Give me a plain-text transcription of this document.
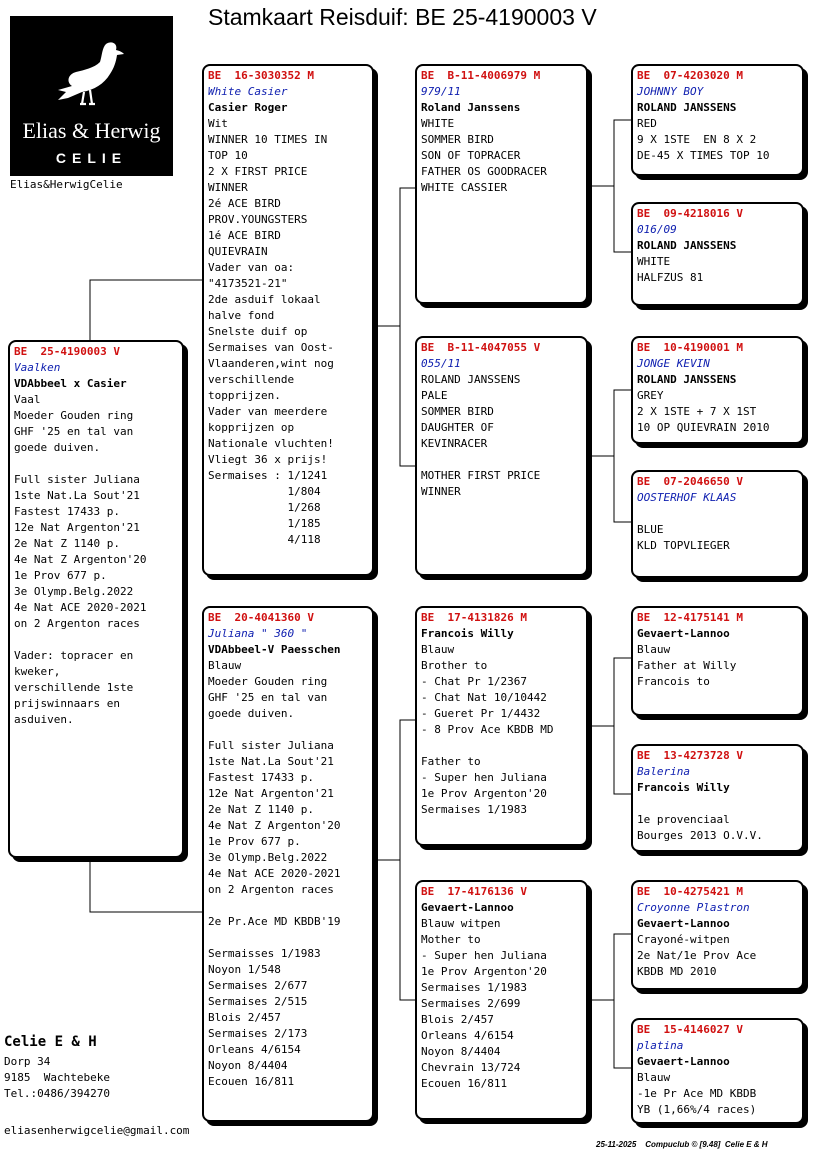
Stamkaart Reisduif: BE 25-4190003 V
Elias & Herwig
CELIE
Elias&HerwigCelie
BE  25-4190003 V
Vaalken
VDAbbeel x Casier
Vaal
Moeder Gouden ring
GHF '25 en tal van
goede duiven.

Full sister Juliana
1ste Nat.La Sout'21
Fastest 17433 p.
12e Nat Argenton'21
2e Nat Z 1140 p.
4e Nat Z Argenton'20
1e Prov 677 p.
3e Olymp.Belg.2022
4e Nat ACE 2020-2021
on 2 Argenton races

Vader: topracer en
kweker,
verschillende 1ste
prijswinnaars en
asduiven.
BE  16-3030352 M
White Casier
Casier Roger
Wit
WINNER 10 TIMES IN
TOP 10
2 X FIRST PRICE
WINNER
2é ACE BIRD
PROV.YOUNGSTERS
1é ACE BIRD
QUIEVRAIN
Vader van oa:
"4173521-21"
2de asduif lokaal
halve fond
Snelste duif op
Sermaises van Oost-
Vlaanderen,wint nog
verschillende
topprijzen.
Vader van meerdere
kopprijzen op
Nationale vluchten!
Vliegt 36 x prijs!
Sermaises : 1/1241
1/804
1/268
1/185
4/118
BE  20-4041360 V
Juliana " 360 "
VDAbbeel-V Paesschen
Blauw
Moeder Gouden ring
GHF '25 en tal van
goede duiven.

Full sister Juliana
1ste Nat.La Sout'21
Fastest 17433 p.
12e Nat Argenton'21
2e Nat Z 1140 p.
4e Nat Z Argenton'20
1e Prov 677 p.
3e Olymp.Belg.2022
4e Nat ACE 2020-2021
on 2 Argenton races

2e Pr.Ace MD KBDB'19

Sermaisses 1/1983
Noyon 1/548
Sermaises 2/677
Sermaises 2/515
Blois 2/457
Sermaises 2/173
Orleans 4/6154
Noyon 8/4404
Ecouen 16/811
BE  B-11-4006979 M
979/11
Roland Janssens
WHITE
SOMMER BIRD
SON OF TOPRACER
FATHER OS GOODRACER
WHITE CASSIER
BE  B-11-4047055 V
055/11
ROLAND JANSSENS
PALE
SOMMER BIRD
DAUGHTER OF
KEVINRACER

MOTHER FIRST PRICE
WINNER
BE  17-4131826 M
Francois Willy
Blauw
Brother to
- Chat Pr 1/2367
- Chat Nat 10/10442
- Gueret Pr 1/4432
- 8 Prov Ace KBDB MD

Father to
- Super hen Juliana
1e Prov Argenton'20
Sermaises 1/1983
BE  17-4176136 V
Gevaert-Lannoo
Blauw witpen
Mother to
- Super hen Juliana
1e Prov Argenton'20
Sermaises 1/1983
Sermaises 2/699
Blois 2/457
Orleans 4/6154
Noyon 8/4404
Chevrain 13/724
Ecouen 16/811
BE  07-4203020 M
JOHNNY BOY
ROLAND JANSSENS
RED
9 X 1STE  EN 8 X 2
DE-45 X TIMES TOP 10
BE  09-4218016 V
016/09
ROLAND JANSSENS
WHITE
HALFZUS 81
BE  10-4190001 M
JONGE KEVIN
ROLAND JANSSENS
GREY
2 X 1STE + 7 X 1ST
10 OP QUIEVRAIN 2010
BE  07-2046650 V
OOSTERHOF KLAAS

BLUE
KLD TOPVLIEGER
BE  12-4175141 M
Gevaert-Lannoo
Blauw
Father at Willy
Francois to
BE  13-4273728 V
Balerina
Francois Willy

1e provenciaal
Bourges 2013 O.V.V.
BE  10-4275421 M
Croyonne Plastron
Gevaert-Lannoo
Crayoné-witpen
2e Nat/1e Prov Ace
KBDB MD 2010
BE  15-4146027 V
platina
Gevaert-Lannoo
Blauw
-1e Pr Ace MD KBDB
YB (1,66%/4 races)
Celie E & H
Dorp 34
9185  Wachtebeke
Tel.:0486/394270
eliasenherwigcelie@gmail.com
25-11-2025    Compuclub © [9.48]  Celie E & H
